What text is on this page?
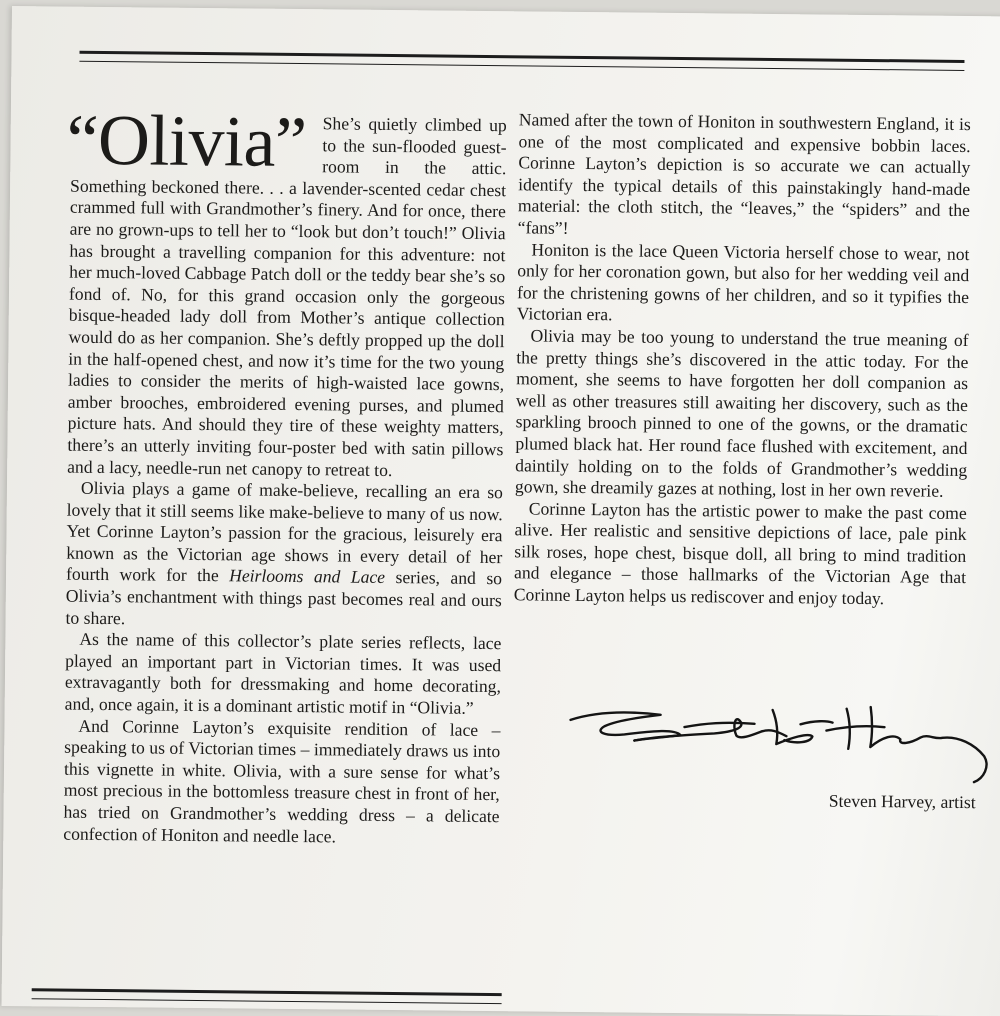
“Olivia” She’s quietly climbed up to the sun-flooded guest-room in the attic. Something beckoned there. . . a lavender-scented cedar chest crammed full with Grandmother’s finery. And for once, there are no grown-ups to tell her to “look but don’t touch!” Olivia has brought a travelling companion for this adventure: not her much-loved Cabbage Patch doll or the teddy bear she’s so fond of. No, for this grand occasion only the gorgeous bisque-headed lady doll from Mother’s antique collection would do as her companion. She’s deftly propped up the doll in the half-opened chest, and now it’s time for the two young ladies to consider the merits of high-waisted lace gowns, amber brooches, embroidered evening purses, and plumed picture hats. And should they tire of these weighty matters, there’s an utterly inviting four-poster bed with satin pillows and a lacy, needle-run net canopy to retreat to.

Olivia plays a game of make-believe, recalling an era so lovely that it still seems like make-believe to many of us now. Yet Corinne Layton’s passion for the gracious, leisurely era known as the Victorian age shows in every detail of her fourth work for the Heirlooms and Lace series, and so Olivia’s enchantment with things past becomes real and ours to share.

As the name of this collector’s plate series reflects, lace played an important part in Victorian times. It was used extravagantly both for dressmaking and home decorating, and, once again, it is a dominant artistic motif in “Olivia.”

And Corinne Layton’s exquisite rendition of lace – speaking to us of Victorian times – immediately draws us into this vignette in white. Olivia, with a sure sense for what’s most precious in the bottomless treasure chest in front of her, has tried on Grandmother’s wedding dress – a delicate confection of Honiton and needle lace.

Named after the town of Honiton in southwestern England, it is one of the most complicated and expensive bobbin laces. Corinne Layton’s depiction is so accurate we can actually identify the typical details of this painstakingly hand-made material: the cloth stitch, the “leaves,” the “spiders” and the “fans”!

Honiton is the lace Queen Victoria herself chose to wear, not only for her coronation gown, but also for her wedding veil and for the christening gowns of her children, and so it typifies the Victorian era.

Olivia may be too young to understand the true meaning of the pretty things she’s discovered in the attic today. For the moment, she seems to have forgotten her doll companion as well as other treasures still awaiting her discovery, such as the sparkling brooch pinned to one of the gowns, or the dramatic plumed black hat. Her round face flushed with excitement, and daintily holding on to the folds of Grandmother’s wedding gown, she dreamily gazes at nothing, lost in her own reverie.

Corinne Layton has the artistic power to make the past come alive. Her realistic and sensitive depictions of lace, pale pink silk roses, hope chest, bisque doll, all bring to mind tradition and elegance – those hallmarks of the Victorian Age that Corinne Layton helps us rediscover and enjoy today.

Steven Harvey, artist
